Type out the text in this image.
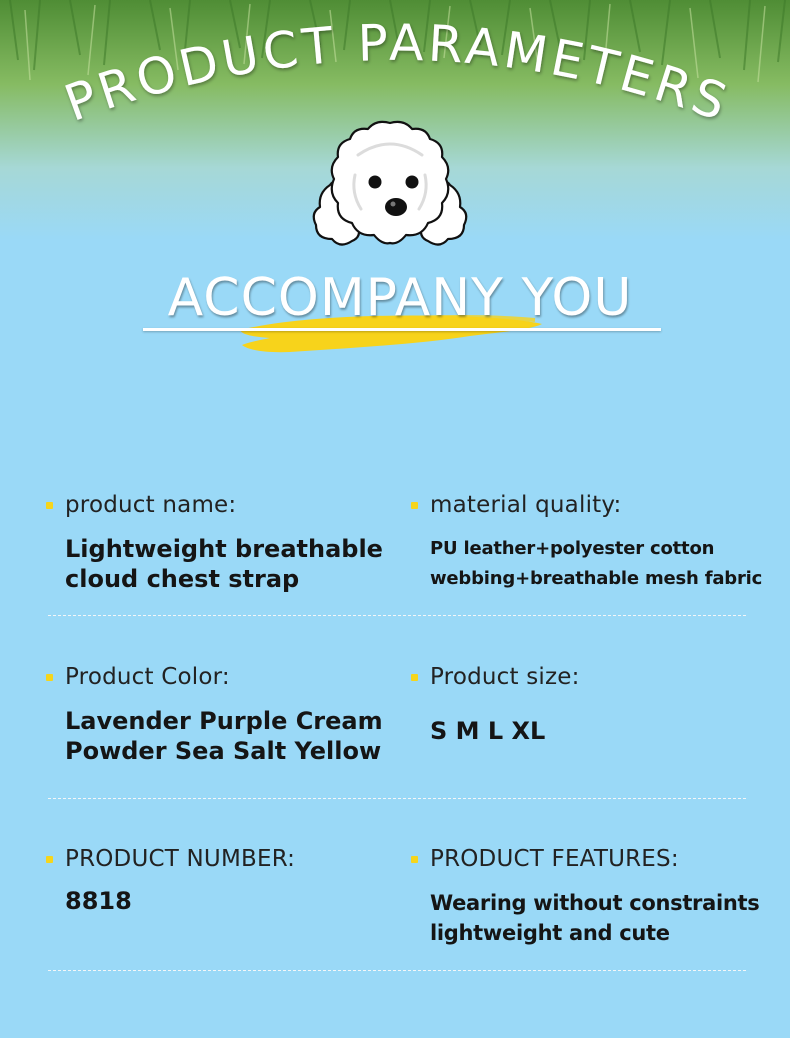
PRODUCT PARAMETERS
ACCOMPANY YOU
product name:
Lightweight breathable
cloud chest strap
material quality:
PU leather+polyester cotton
webbing+breathable mesh fabric
Product Color:
Lavender Purple Cream
Powder Sea Salt Yellow
Product size:
S M L XL
PRODUCT NUMBER:
8818
PRODUCT FEATURES:
Wearing without constraints
lightweight and cute
